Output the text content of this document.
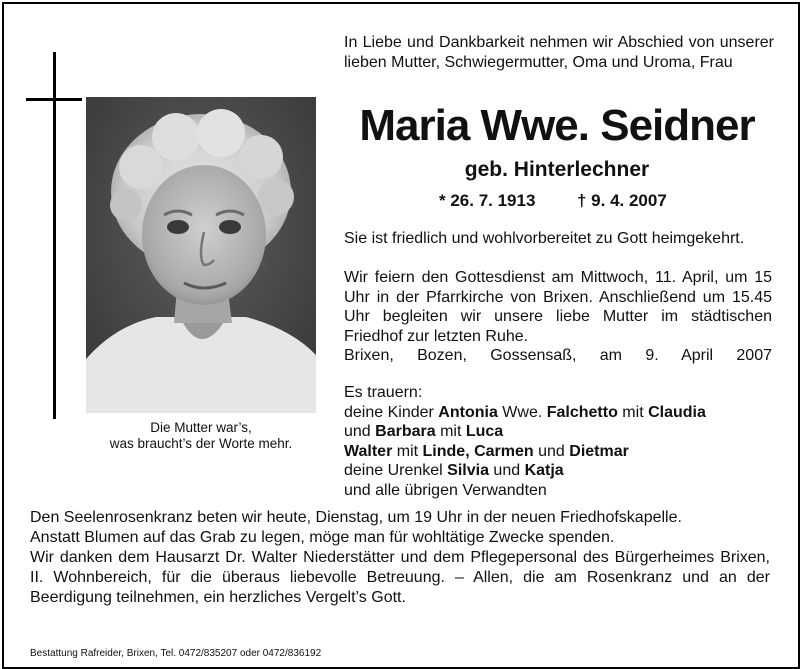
Die Mutter war’s,
was braucht’s der Worte mehr.

In Liebe und Dankbarkeit nehmen wir Abschied von unserer lieben Mutter, Schwiegermutter, Oma und Uroma, Frau

Maria Wwe. Seidner
geb. Hinterlechner
* 26. 7. 1913 † 9. 4. 2007

Sie ist friedlich und wohlvorbereitet zu Gott heimgekehrt.

Wir feiern den Gottesdienst am Mittwoch, 11. April, um 15 Uhr in der Pfarrkirche von Brixen. Anschließend um 15.45 Uhr begleiten wir unsere liebe Mutter im städtischen Friedhof zur letzten Ruhe.

Brixen, Bozen, Gossensaß, am 9. April 2007

Es trauern:
deine Kinder Antonia Wwe. Falchetto mit Claudia
und Barbara mit Luca
Walter mit Linde, Carmen und Dietmar
deine Urenkel Silvia und Katja
und alle übrigen Verwandten

Den Seelenrosenkranz beten wir heute, Dienstag, um 19 Uhr in der neuen Friedhofskapelle.

Anstatt Blumen auf das Grab zu legen, möge man für wohltätige Zwecke spenden.

Wir danken dem Hausarzt Dr. Walter Niederstätter und dem Pflegepersonal des Bürgerheimes Brixen, II. Wohnbereich, für die überaus liebevolle Betreuung. – Allen, die am Rosenkranz und an der Beerdigung teilnehmen, ein herzliches Vergelt’s Gott.

Bestattung Rafreider, Brixen, Tel. 0472/835207 oder 0472/836192
